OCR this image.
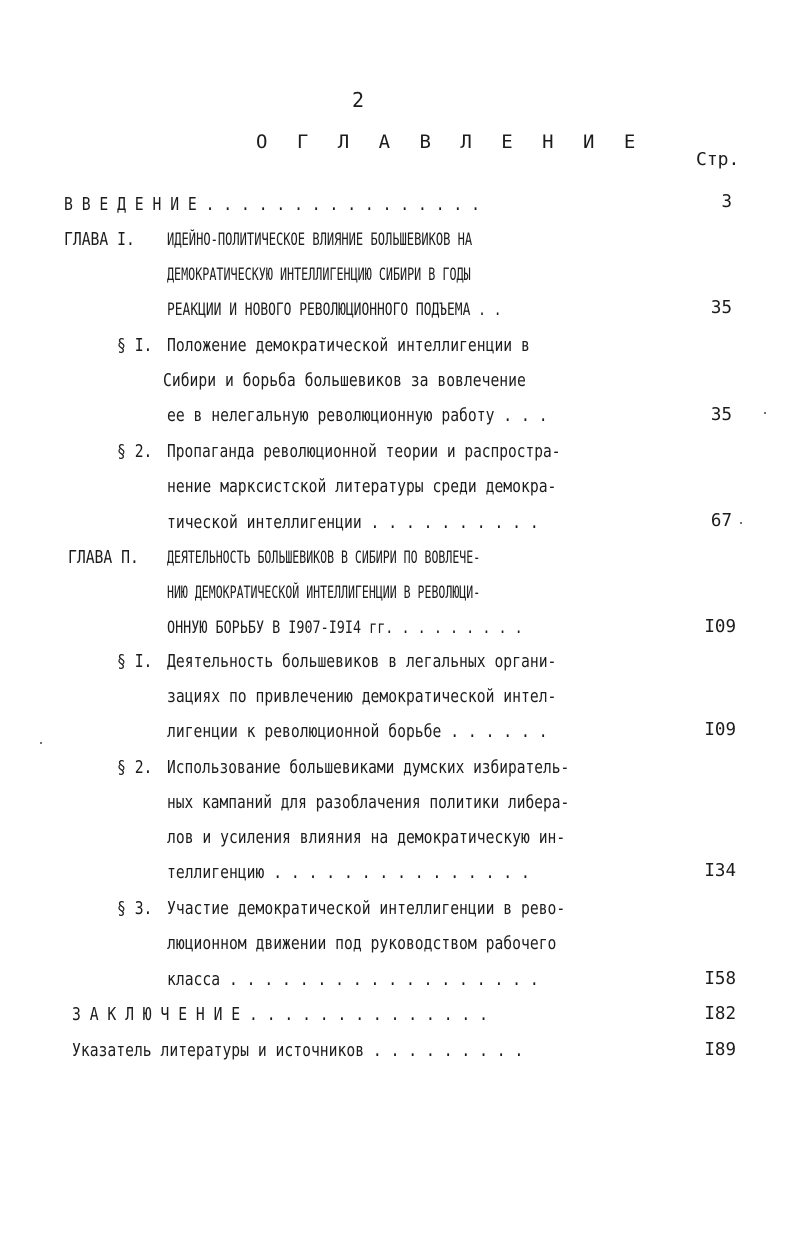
2
О Г Л А В Л Е Н И Е
Стр.
В В Е Д Е Н И Е . . . . . . . . . . . . . . . .	3
ГЛАВА I.	ИДЕЙНО-ПОЛИТИЧЕСКОЕ ВЛИЯНИЕ БОЛЬШЕВИКОВ НА
ДЕМОКРАТИЧЕСКУЮ ИНТЕЛЛИГЕНЦИЮ СИБИРИ В ГОДЫ
РЕАКЦИИ И НОВОГО РЕВОЛЮЦИОННОГО ПОДЪЕМА . .	35
§ I. Положение демократической интеллигенции в
Сибири и борьба большевиков за вовлечение
ее в нелегальную революционную работу . . .	35
§ 2. Пропаганда революционной теории и распростра-
нение марксистской литературы среди демокра-
тической интеллигенции . . . . . . . . . .	67
ГЛАВА П.	ДЕЯТЕЛЬНОСТЬ БОЛЬШЕВИКОВ В СИБИРИ ПО ВОВЛЕЧЕ-
НИЮ ДЕМОКРАТИЧЕСКОЙ ИНТЕЛЛИГЕНЦИИ В РЕВОЛЮЦИ-
ОННУЮ БОРЬБУ В I907-I9I4 гг. . . . . . . . .	I09
§ I. Деятельность большевиков в легальных органи-
зациях по привлечению демократической интел-
лигенции к революционной борьбе . . . . . .	I09
§ 2. Использование большевиками думских избиратель-
ных кампаний для разоблачения политики либера-
лов и усиления влияния на демократическую ин-
теллигенцию . . . . . . . . . . . . . . .	I34
§ 3. Участие демократической интеллигенции в рево-
люционном движении под руководством рабочего
класса . . . . . . . . . . . . . . . . . .	I58
З А К Л Ю Ч Е Н И Е . . . . . . . . . . . . . .	I82
Указатель литературы и источников . . . . . . . . .	I89
